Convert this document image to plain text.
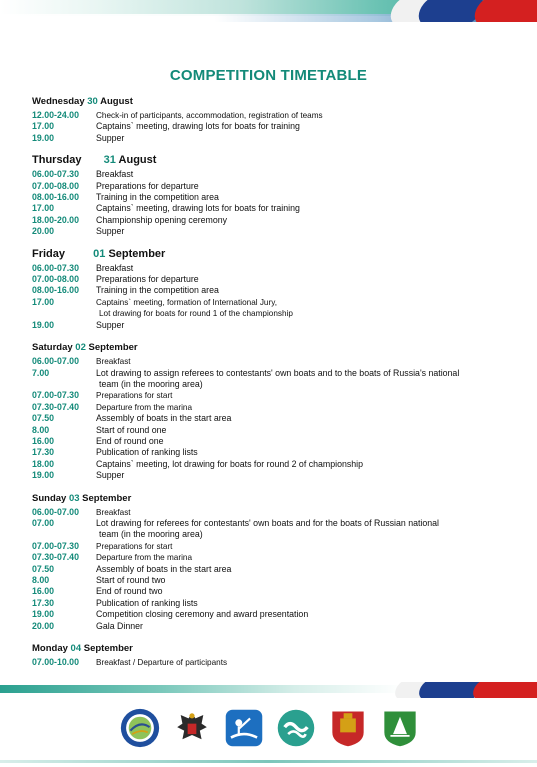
COMPETITION TIMETABLE
Wednesday 30 August
12.00-24.00	Check-in of participants, accommodation, registration of teams
17.00	Captains` meeting, drawing lots for boats for training
19.00	Supper
Thursday 31 August
06.00-07.30	Breakfast
07.00-08.00	Preparations for departure
08.00-16.00	Training in the competition area
17.00	Captains` meeting, drawing lots for boats for training
18.00-20.00	Championship opening ceremony
20.00	Supper
Friday	01 September
06.00-07.30	Breakfast
07.00-08.00	Preparations for departure
08.00-16.00	Training in the competition area
17.00	Captains` meeting, formation of International Jury,
Lot drawing for boats for round 1 of the championship
19.00	Supper
Saturday 02 September
06.00-07.00	Breakfast
7.00	Lot drawing to assign referees to contestants' own boats and to the boats of Russia's national
team (in the mooring area)
07.00-07.30	Preparations for start
07.30-07.40	Departure from the marina
07.50	Assembly of boats in the start area
8.00	Start of round one
16.00	End of round one
17.30	Publication of ranking lists
18.00	Captains` meeting, lot drawing for boats for round 2 of championship
19.00	Supper
Sunday 03 September
06.00-07.00	Breakfast
07.00	Lot drawing for referees for contestants' own boats and for the boats of Russian national
team (in the mooring area)
07.00-07.30	Preparations for start
07.30-07.40	Departure from the marina
07.50	Assembly of boats in the start area
8.00	Start of round two
16.00	End of round two
17.30	Publication of ranking lists
19.00	Competition closing ceremony and award presentation
20.00	Gala Dinner
Monday 04 September
07.00-10.00	Breakfast / Departure of participants
